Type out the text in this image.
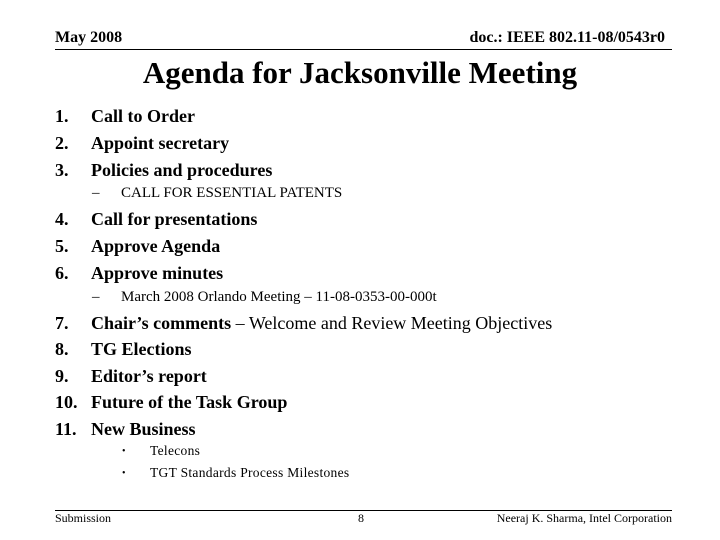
May 2008	doc.: IEEE 802.11-08/0543r0
Agenda for Jacksonville Meeting
1. Call to Order
2. Appoint secretary
3. Policies and procedures
– CALL FOR ESSENTIAL PATENTS
4. Call for presentations
5. Approve Agenda
6. Approve minutes
– March 2008 Orlando Meeting – 11-08-0353-00-000t
7. Chair’s comments – Welcome and Review Meeting Objectives
8. TG Elections
9. Editor’s report
10. Future of the Task Group
11. New Business
• Telecons
• TGT Standards Process Milestones
Submission	8	Neeraj K. Sharma, Intel Corporation
